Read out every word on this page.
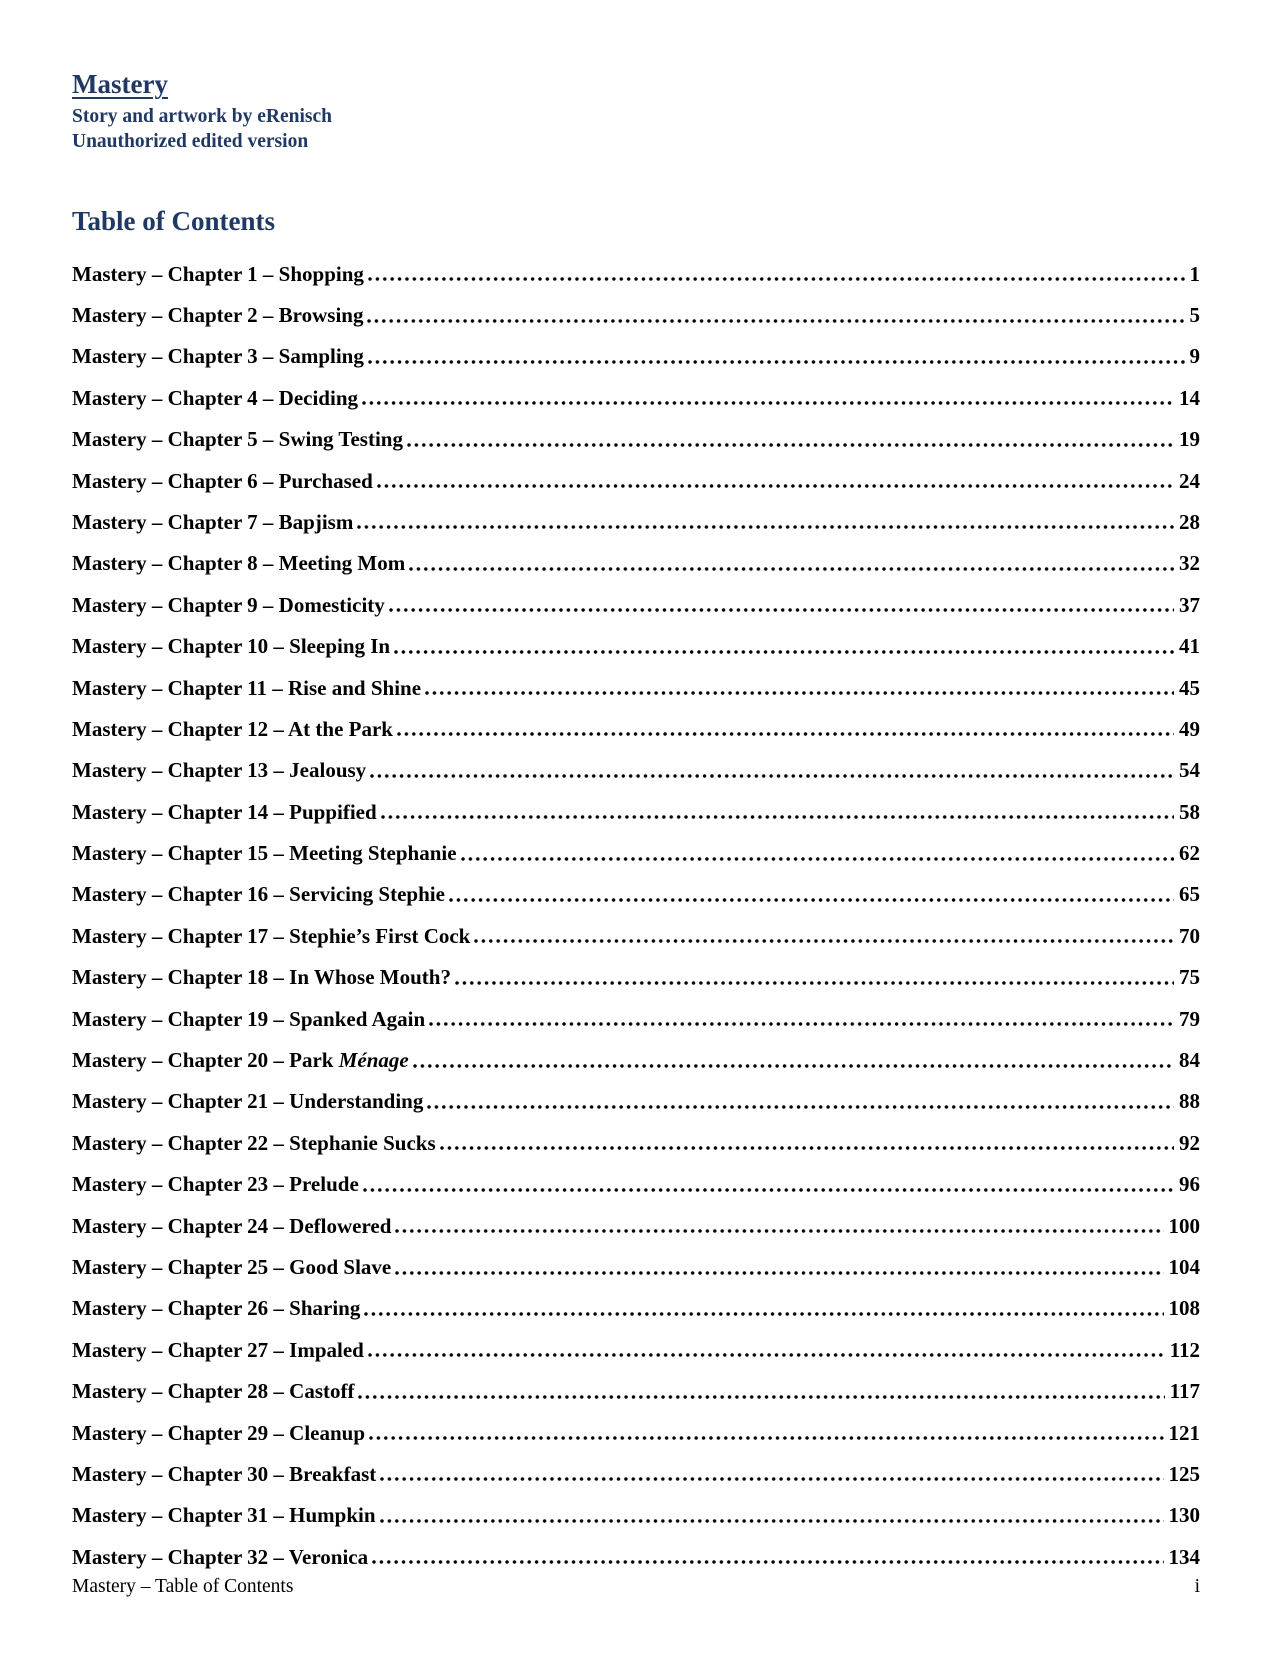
Mastery
Story and artwork by eRenisch
Unauthorized edited version
Table of Contents
Mastery – Chapter 1 – Shopping	1
Mastery – Chapter 2 – Browsing	5
Mastery – Chapter 3 – Sampling	9
Mastery – Chapter 4 – Deciding	14
Mastery – Chapter 5 – Swing Testing	19
Mastery – Chapter 6 – Purchased	24
Mastery – Chapter 7 – Bapjism	28
Mastery – Chapter 8 – Meeting Mom	32
Mastery – Chapter 9 – Domesticity	37
Mastery – Chapter 10 – Sleeping In	41
Mastery – Chapter 11 – Rise and Shine	45
Mastery – Chapter 12 – At the Park	49
Mastery – Chapter 13 – Jealousy	54
Mastery – Chapter 14 – Puppified	58
Mastery – Chapter 15 – Meeting Stephanie	62
Mastery – Chapter 16 – Servicing Stephie	65
Mastery – Chapter 17 – Stephie’s First Cock	70
Mastery – Chapter 18 – In Whose Mouth?	75
Mastery – Chapter 19 – Spanked Again	79
Mastery – Chapter 20 – Park Ménage	84
Mastery – Chapter 21 – Understanding	88
Mastery – Chapter 22 – Stephanie Sucks	92
Mastery – Chapter 23 – Prelude	96
Mastery – Chapter 24 – Deflowered	100
Mastery – Chapter 25 – Good Slave	104
Mastery – Chapter 26 – Sharing	108
Mastery – Chapter 27 – Impaled	112
Mastery – Chapter 28 – Castoff	117
Mastery – Chapter 29 – Cleanup	121
Mastery – Chapter 30 – Breakfast	125
Mastery – Chapter 31 – Humpkin	130
Mastery – Chapter 32 – Veronica	134
Mastery – Table of Contents	i
